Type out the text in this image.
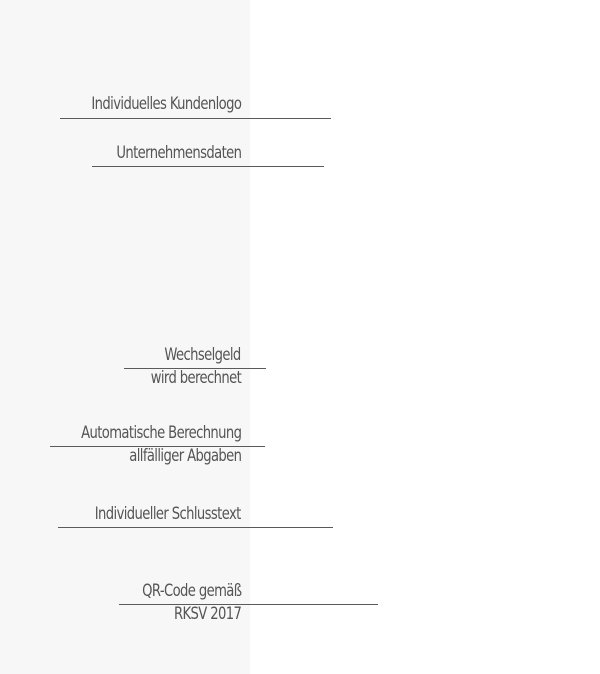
Individuelles Kundenlogo
Unternehmensdaten
Wechselgeld
wird berechnet
Automatische Berechnung
allfälliger Abgaben
Individueller Schlusstext
QR-Code gemäß
RKSV 2017
